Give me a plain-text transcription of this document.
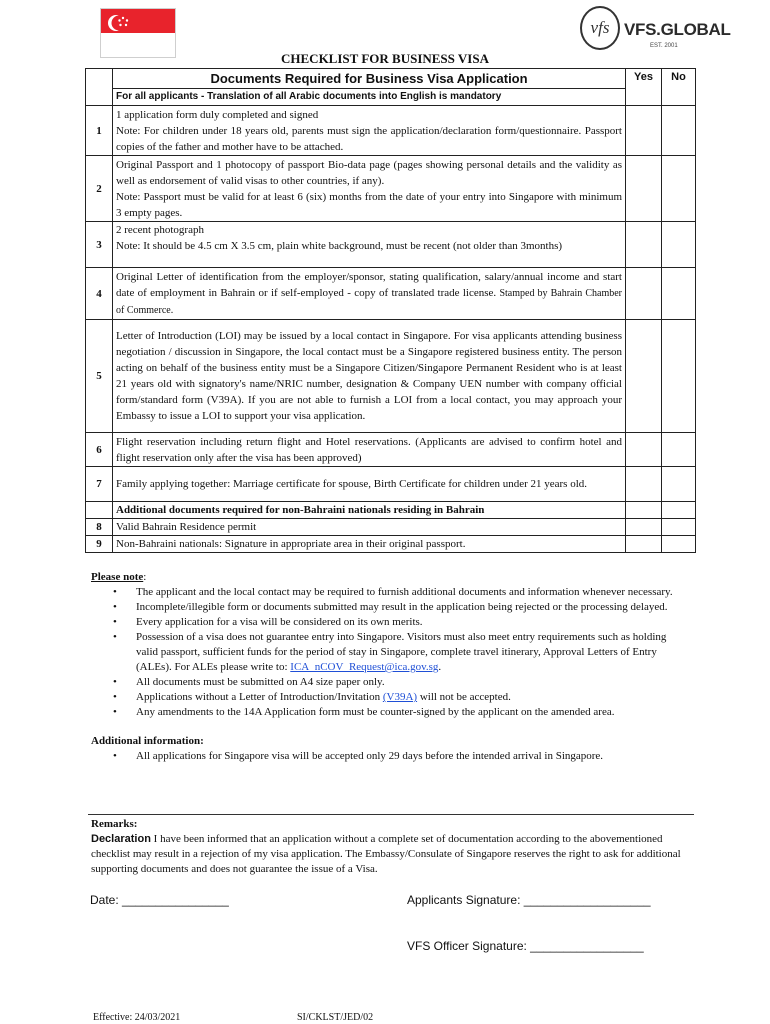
vfs VFS.GLOBAL
EST. 2001
CHECKLIST FOR BUSINESS VISA
	Documents Required for Business Visa Application	Yes	No
	For all applicants - Translation of all Arabic documents into English is mandatory		
1	1 application form duly completed and signed
Note: For children under 18 years old, parents must sign the application/declaration form/questionnaire. Passport copies of the father and mother have to be attached.		
2	Original Passport and 1 photocopy of passport Bio-data page (pages showing personal details and the validity as well as endorsement of valid visas to other countries, if any).
Note: Passport must be valid for at least 6 (six) months from the date of your entry into Singapore with minimum 3 empty pages.		
3	2 recent photograph
Note: It should be 4.5 cm X 3.5 cm, plain white background, must be recent (not older than 3months)		
4	Original Letter of identification from the employer/sponsor, stating qualification, salary/annual income and start date of employment in Bahrain or if self-employed - copy of translated trade license. Stamped by Bahrain Chamber of Commerce.		
5	Letter of Introduction (LOI) may be issued by a local contact in Singapore. For visa applicants attending business negotiation / discussion in Singapore, the local contact must be a Singapore registered business entity. The person acting on behalf of the business entity must be a Singapore Citizen/Singapore Permanent Resident who is at least 21 years old with signatory's name/NRIC number, designation & Company UEN number with company official form/standard form (V39A). If you are not able to furnish a LOI from a local contact, you may approach your Embassy to issue a LOI to support your visa application.		
6	Flight reservation including return flight and Hotel reservations. (Applicants are advised to confirm hotel and flight reservation only after the visa has been approved)		
7	Family applying together: Marriage certificate for spouse, Birth Certificate for children under 21 years old.		
	Additional documents required for non-Bahraini nationals residing in Bahrain		
8	Valid Bahrain Residence permit		
9	Non-Bahraini nationals: Signature in appropriate area in their original passport.		
Please note:
• The applicant and the local contact may be required to furnish additional documents and information whenever necessary.
• Incomplete/illegible form or documents submitted may result in the application being rejected or the processing delayed.
• Every application for a visa will be considered on its own merits.
• Possession of a visa does not guarantee entry into Singapore. Visitors must also meet entry requirements such as holding valid passport, sufficient funds for the period of stay in Singapore, complete travel itinerary, Approval Letters of Entry (ALEs). For ALEs please write to: ICA_nCOV_Request@ica.gov.sg.
• All documents must be submitted on A4 size paper only.
• Applications without a Letter of Introduction/Invitation (V39A) will not be accepted.
• Any amendments to the 14A Application form must be counter-signed by the applicant on the amended area.
Additional information:
• All applications for Singapore visa will be accepted only 29 days before the intended arrival in Singapore.
Remarks:
Declaration I have been informed that an application without a complete set of documentation according to the abovementioned checklist may result in a rejection of my visa application. The Embassy/Consulate of Singapore reserves the right to ask for additional supporting documents and does not guarantee the issue of a Visa.
Date: ________________	Applicants Signature: ___________________
VFS Officer Signature: _________________
Effective: 24/03/2021	SI/CKLST/JED/02
